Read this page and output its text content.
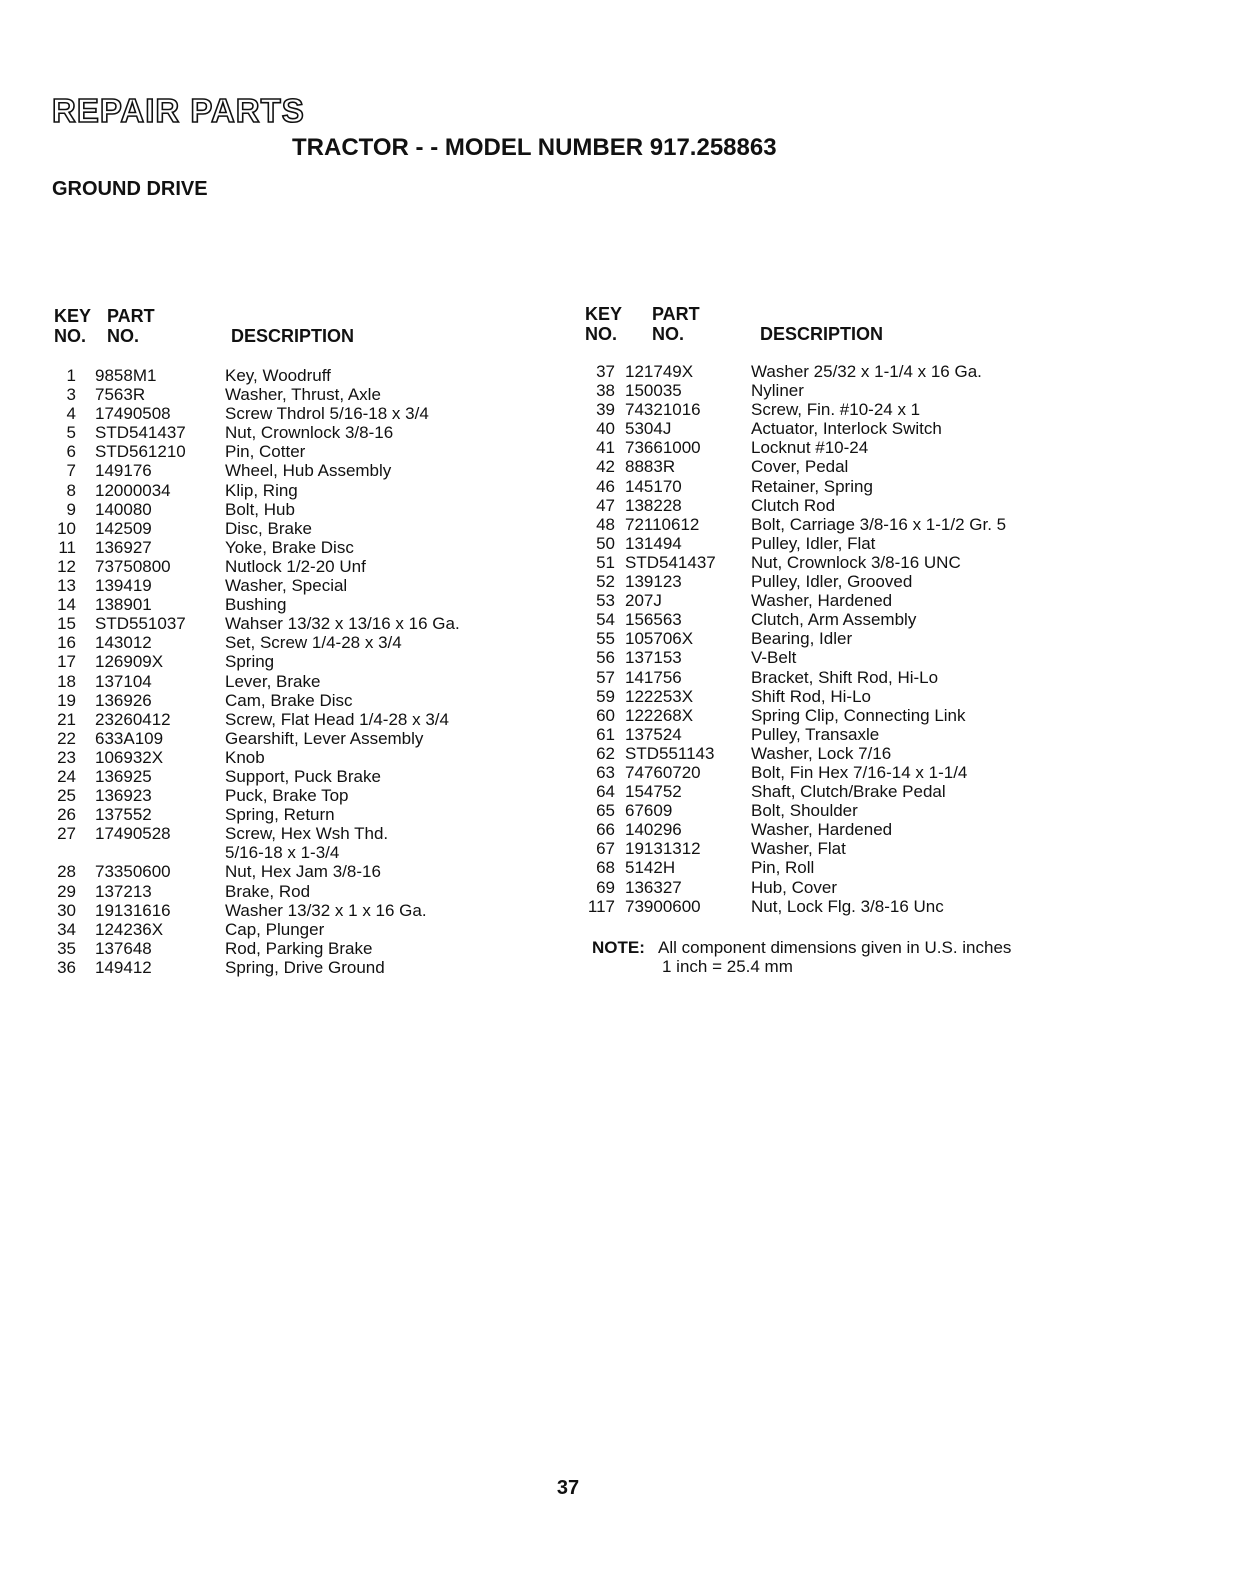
REPAIR PARTS
TRACTOR - - MODEL NUMBER 917.258863
GROUND DRIVE
KEY
NO.
PART
NO.	DESCRIPTION
KEY
NO.
PART
NO.	DESCRIPTION
1 9858M1	Key, Woodruff
3 7563R	Washer, Thrust, Axle
4 17490508	Screw Thdrol 5/16-18 x 3/4
5 STD541437	Nut, Crownlock 3/8-16
6 STD561210	Pin, Cotter
7 149176	Wheel, Hub Assembly
8 12000034	Klip, Ring
9 140080	Bolt, Hub
10 142509	Disc, Brake
11 136927	Yoke, Brake Disc
12 73750800	Nutlock 1/2-20 Unf
13 139419	Washer, Special
14 138901	Bushing
15 STD551037	Wahser 13/32 x 13/16 x 16 Ga.
16 143012	Set, Screw 1/4-28 x 3/4
17 126909X	Spring
18 137104	Lever, Brake
19 136926	Cam, Brake Disc
21 23260412	Screw, Flat Head 1/4-28 x 3/4
22 633A109	Gearshift, Lever Assembly
23 106932X	Knob
24 136925	Support, Puck Brake
25 136923	Puck, Brake Top
26 137552	Spring, Return
27 17490528	Screw, Hex Wsh Thd.
5/16-18 x 1-3/4
28 73350600	Nut, Hex Jam 3/8-16
29 137213	Brake, Rod
30 19131616	Washer 13/32 x 1 x 16 Ga.
34 124236X	Cap, Plunger
35 137648	Rod, Parking Brake
36 149412	Spring, Drive Ground
37 121749X	Washer 25/32 x 1-1/4 x 16 Ga.
38 150035	Nyliner
39 74321016	Screw, Fin. #10-24 x 1
40 5304J	Actuator, Interlock Switch
41 73661000	Locknut #10-24
42 8883R	Cover, Pedal
46 145170	Retainer, Spring
47 138228	Clutch Rod
48 72110612	Bolt, Carriage 3/8-16 x 1-1/2 Gr. 5
50 131494	Pulley, Idler, Flat
51 STD541437	Nut, Crownlock 3/8-16 UNC
52 139123	Pulley, Idler, Grooved
53 207J	Washer, Hardened
54 156563	Clutch, Arm Assembly
55 105706X	Bearing, Idler
56 137153	V-Belt
57 141756	Bracket, Shift Rod, Hi-Lo
59 122253X	Shift Rod, Hi-Lo
60 122268X	Spring Clip, Connecting Link
61 137524	Pulley, Transaxle
62 STD551143	Washer, Lock 7/16
63 74760720	Bolt, Fin Hex 7/16-14 x 1-1/4
64 154752	Shaft, Clutch/Brake Pedal
65 67609	Bolt, Shoulder
66 140296	Washer, Hardened
67 19131312	Washer, Flat
68 5142H	Pin, Roll
69 136327	Hub, Cover
117 73900600	Nut, Lock Flg. 3/8-16 Unc
NOTE: All component dimensions given in U.S. inches
1 inch = 25.4 mm
37
